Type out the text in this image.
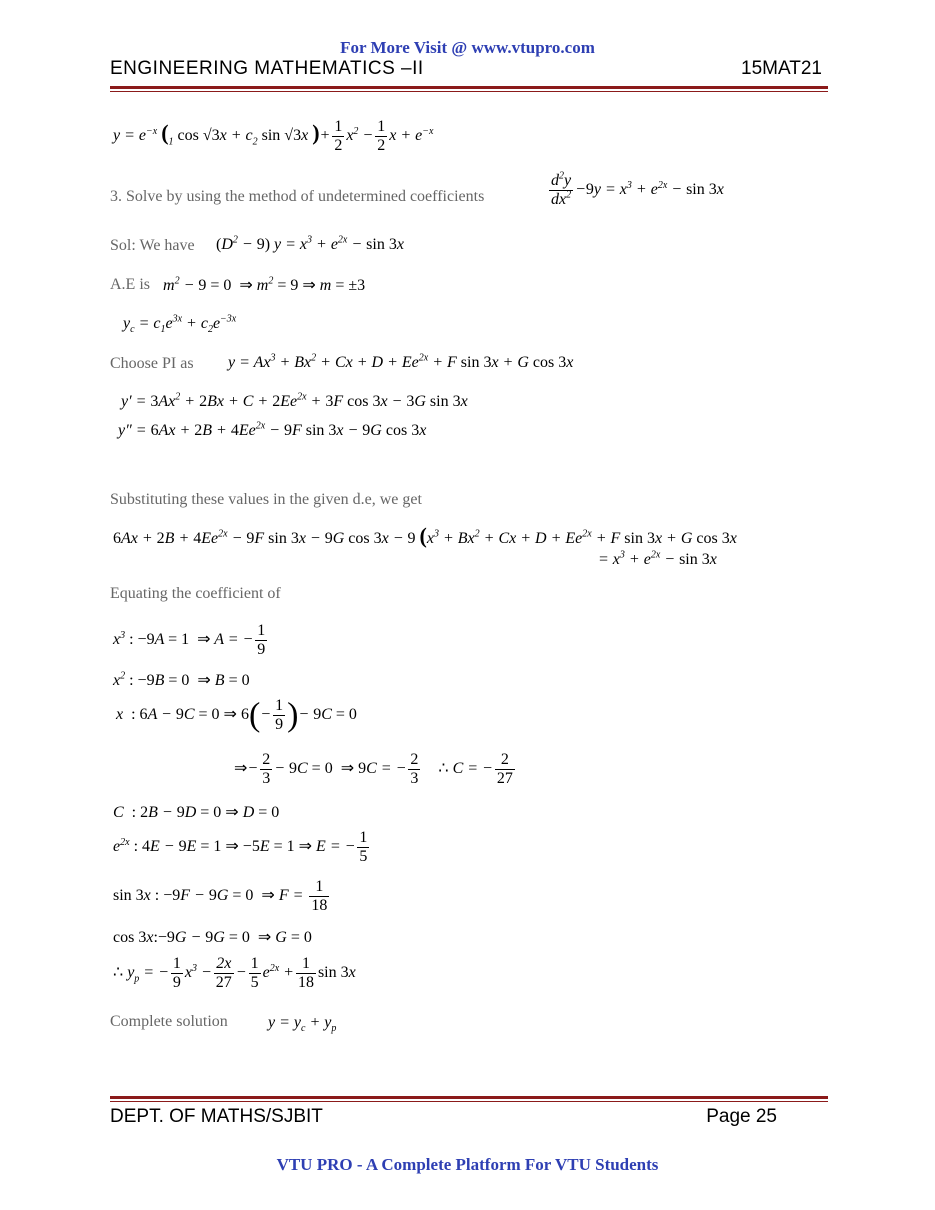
For More Visit @ www.vtupro.com
ENGINEERING MATHEMATICS –II	15MAT21
$y = e^{-x}$ ($_1$ $\cos √3x + c_2$ sin √3x )+ $\frac{1}{2} x^2 - \frac{1}{2}$ $x + e^{-x}$
3. Solve by using the method of undetermined coefficients	$\frac{d^2y}{dx^2} -9y = x^3 + e^{2x} - \sin 3x$
Sol: We have $(D^2 - 9) y = x^3 + e^{2x} - \sin 3x$
A.E is $m^2 - 9 = 0$ ⇒ $m^2 = 9$ ⇒ m = ±3
$y_c = c_1e^{3x} + c_2e^{-3x}$
Choose PI as $y = Ax^3 + Bx^2 + Cx + D + Ee^{2x} + F$ sin 3x + G cos 3x
$y' = 3Ax^2 + 2Bx + C + 2Ee^{2x} + 3F$ cos 3x − 3G sin 3x
$y'' = 6Ax + 2B + 4Ee^{2x} - 9F$ sin 3x − 9G cos 3x
Substituting these values in the given d.e, we get
$6Ax + 2B + 4Ee^{2x} - 9F$ sin 3x − 9G cos 3x − 9 ($x^3 + Bx^2 + Cx + D + Ee^{2x} + F$ sin 3x + G cos 3x
= $x^3 + e^{2x} - \sin 3x$
Equating the coefficient of
$x^3$ : −9A = 1 ⇒ A = − $\frac{1}{9}$
$x^2$ : −9B = 0 ⇒ B = 0
x  : 6A − 9C = 0 ⇒ $6(- \frac{1}{9}$ )− 9C = 0
⇒− $\frac{2}{3} - 9C = 0$ ⇒ 9C = − $\frac{2}{3}$ ∴ C = − $\frac{2}{27}$
C  : 2B − 9D = 0 ⇒ D = 0
$e^{2x}$ : 4E − 9E = 1 ⇒ −5E = 1 ⇒ E = − $\frac{1}{5}$
sin 3x : −9F − 9G = 0 ⇒ $F = \frac{1}{18}$
cos 3x:−9G − 9G = 0 ⇒ G = 0
∴ $y_p$ = − $\frac{1}{9} x^3 - \frac{2x}{27} - \frac{1}{5} e^{2x} + \frac{1}{18}$ sin 3x
Complete solution	$y = y_c + y_p$
DEPT. OF MATHS/SJBIT	Page 25
VTU PRO - A Complete Platform For VTU Students
